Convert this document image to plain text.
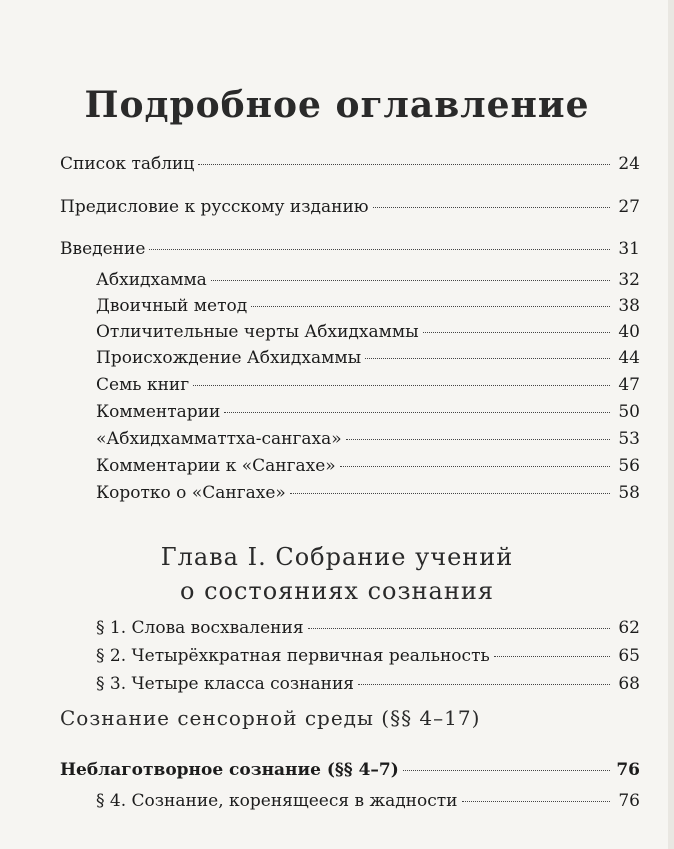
Подробное оглавление
Список таблиц	24
Предисловие к русскому изданию	27
Введение	31
Абхидхамма	32
Двоичный метод	38
Отличительные черты Абхидхаммы	40
Происхождение Абхидхаммы	44
Семь книг	47
Комментарии	50
«Абхидхамматтха-сангаха»	53
Комментарии к «Сангахе»	56
Коротко о «Сангахе»	58
Глава I. Собрание учений
о состояниях сознания
§ 1. Слова восхваления	62
§ 2. Четырёхкратная первичная реальность	65
§ 3. Четыре класса сознания	68
Сознание сенсорной среды (§§ 4–17)
Неблаготворное сознание (§§ 4–7)	76
§ 4. Сознание, коренящееся в жадности	76
